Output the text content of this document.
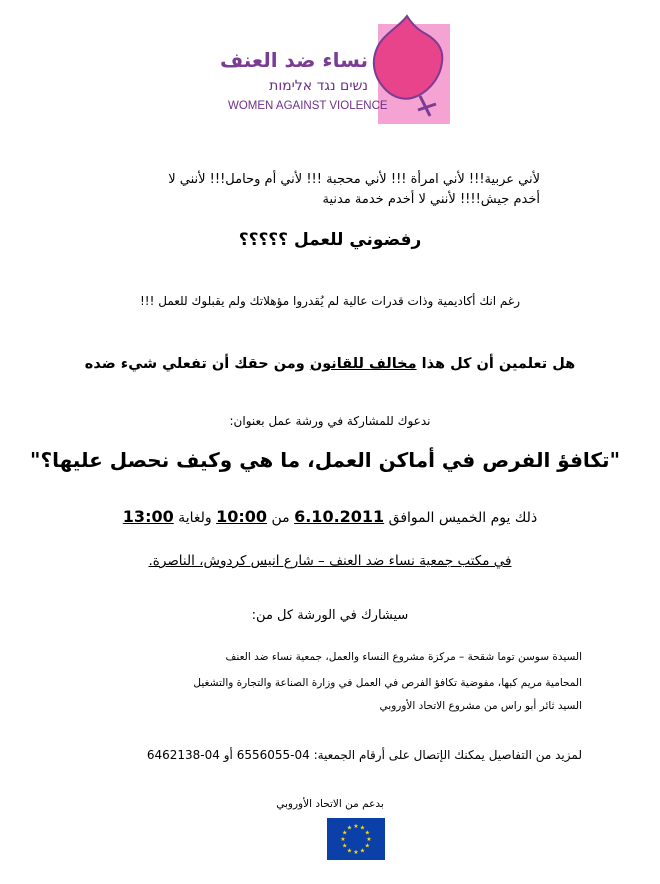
نساء ضد العنف
נשים נגד אלימות
WOMEN AGAINST VIOLENCE
لأني عربية!!! لأني امرأة !!! لأني محجبة !!! لأني أم وحامل!!! لأنني لا
أخدم جيش!!!! لأنني لا أخدم خدمة مدنية
رفضوني للعمل ؟؟؟؟؟
رغم انك أكاديمية وذات قدرات عالية لم يُقدروا مؤهلاتك ولم يقبلوك للعمل !!!
هل تعلمين أن كل هذا مخالف للقانون ومن حقك أن تفعلي شيء ضده
ندعوك للمشاركة في ورشة عمل بعنوان:
"تكافؤ الفرص في أماكن العمل، ما هي وكيف نحصل عليها؟"
ذلك يوم الخميس الموافق 6.10.2011 من 10:00 ولغاية 13:00
في مكتب جمعية نساء ضد العنف – شارع انيس كردوش، الناصرة.
سيشارك في الورشة كل من:
السيدة سوسن توما شقحة – مركزة مشروع النساء والعمل، جمعية نساء ضد العنف
المحامية مريم كبها، مفوضية تكافؤ الفرص في العمل في وزارة الصناعة والتجارة والتشغيل
السيد ثائر أبو راس من مشروع الاتحاد الأوروبي
لمزيد من التفاصيل يمكنك الإتصال على أرقام الجمعية: 04-6556055 أو 04-6462138
بدعم من الاتحاد الأوروبي
★ ★
★
★
★
★
★
★
★
★
★
★
